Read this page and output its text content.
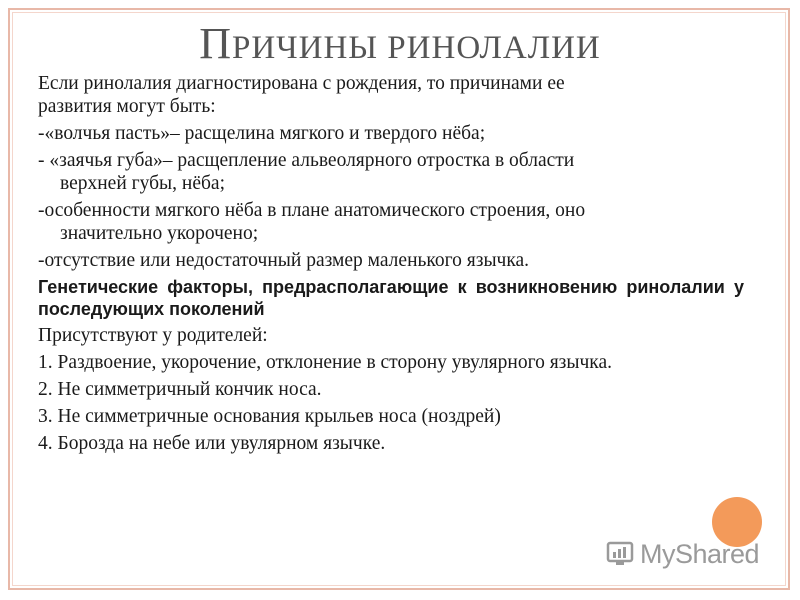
ПРИЧИНЫ РИНОЛАЛИИ
Если ринолалия диагностирована с рождения, то причинами ее
развития могут быть:
-«волчья пасть»– расщелина мягкого и твердого нёба;
- «заячья губа»– расщепление альвеолярного отростка в области
верхней губы, нёба;
-особенности мягкого нёба в плане анатомического строения, оно
значительно укорочено;
-отсутствие или недостаточный размер маленького язычка.
Генетические факторы, предрасполагающие к возникновению ринолалии у последующих поколений
Присутствуют у родителей:
1. Раздвоение, укорочение, отклонение в сторону увулярного язычка.
2. Не симметричный кончик носа.
3. Не симметричные основания крыльев носа (ноздрей)
4. Борозда на небе или увулярном язычке.
MyShared
